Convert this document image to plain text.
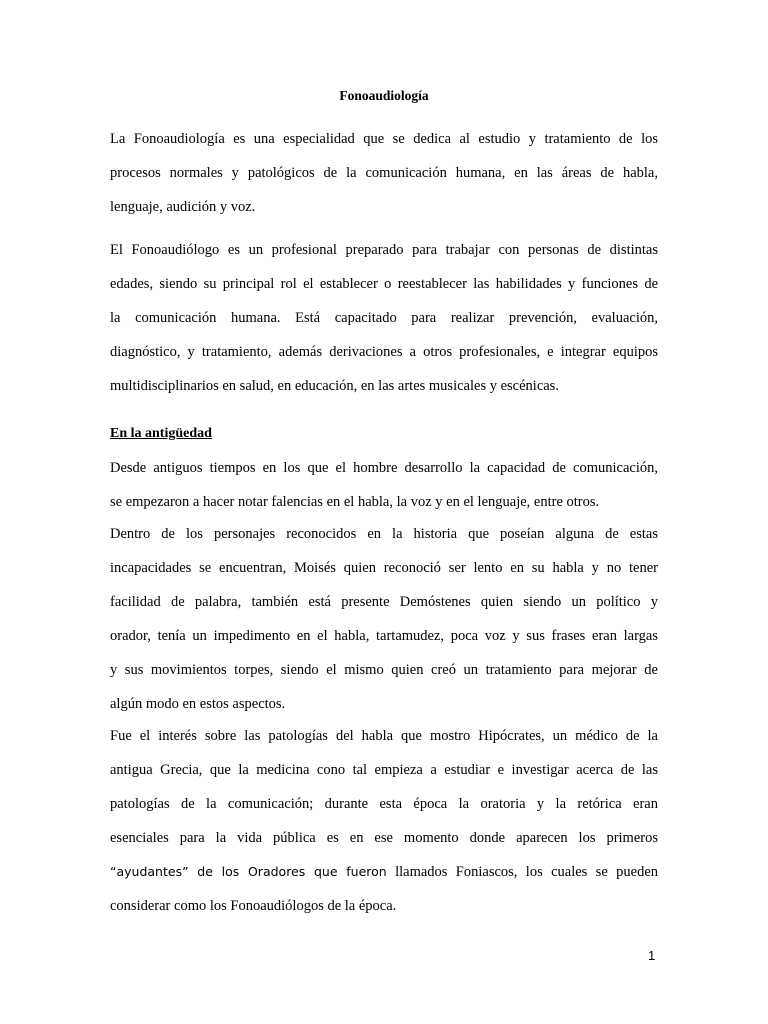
Fonoaudiología
La Fonoaudiología es una especialidad que se dedica al estudio y tratamiento de los
procesos normales y patológicos de la comunicación humana, en las áreas de habla,
lenguaje, audición y voz.
El Fonoaudiólogo es un profesional preparado para trabajar con personas de distintas
edades, siendo su principal rol el establecer o reestablecer las habilidades y funciones de
la comunicación humana. Está capacitado para realizar prevención, evaluación,
diagnóstico, y tratamiento, además derivaciones a otros profesionales, e integrar equipos
multidisciplinarios en salud, en educación, en las artes musicales y escénicas.
En la antigüedad
Desde antiguos tiempos en los que el hombre desarrollo la capacidad de comunicación,
se empezaron a hacer notar falencias en el habla, la voz y en el lenguaje, entre otros.
Dentro de los personajes reconocidos en la historia que poseían alguna de estas
incapacidades se encuentran, Moisés quien reconoció ser lento en su habla y no tener
facilidad de palabra, también está presente Demóstenes quien siendo un político y
orador, tenía un impedimento en el habla, tartamudez, poca voz y sus frases eran largas
y sus movimientos torpes, siendo el mismo quien creó un tratamiento para mejorar de
algún modo en estos aspectos.
Fue el interés sobre las patologías del habla que mostro Hipócrates, un médico de la
antigua Grecia, que la medicina cono tal empieza a estudiar e investigar acerca de las
patologías de la comunicación; durante esta época la oratoria y la retórica eran
esenciales para la vida pública es en ese momento donde aparecen los primeros
“ayudantes” de los Oradores que fueron llamados Foniascos, los cuales se pueden
considerar como los Fonoaudiólogos de la época.
1
